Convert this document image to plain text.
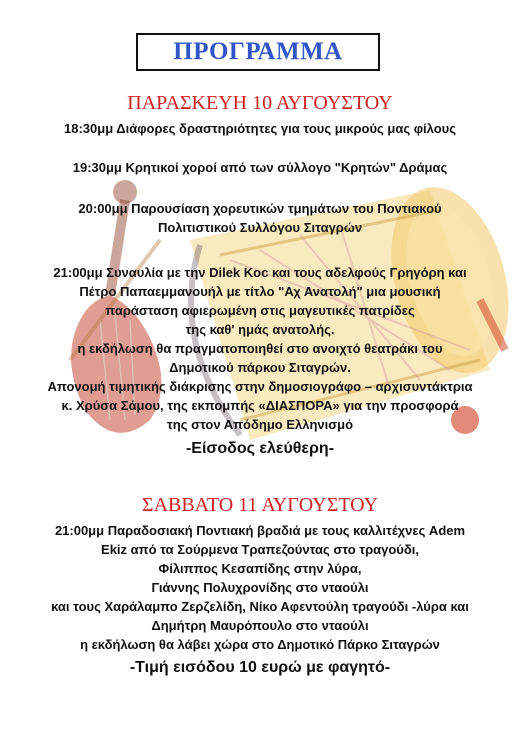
ΠΡΟΓΡΑΜΜΑ
ΠΑΡΑΣΚΕΥΗ 10 ΑΥΓΟΥΣΤΟΥ
18:30μμ Διάφορες δραστηριότητες για τους μικρούς μας φίλους
19:30μμ Κρητικοί χοροί από των σύλλογο "Κρητών" Δράμας
20:00μμ Παρουσίαση χορευτικών τμημάτων του Ποντιακού
Πολιτιστικού Συλλόγου Σιταγρών
21:00μμ Συναυλία με την Dilek Koc και τους αδελφούς Γρηγόρη και
Πέτρο Παπαεμμανουήλ με τίτλο "Αχ Ανατολή" μια μουσική
παράσταση αφιερωμένη στις μαγευτικές πατρίδες
της καθ' ημάς ανατολής.
η εκδήλωση θα πραγματοποιηθεί στο ανοιχτό θεατράκι του
Δημοτικού πάρκου Σιταγρών.
Απονομή τιμητικής διάκρισης στην δημοσιογράφο – αρχισυντάκτρια
κ. Χρύσα Σάμου, της εκπομπής «ΔΙΑΣΠΟΡΑ» για την προσφορά
της στον Απόδημο Ελληνισμό
-Είσοδος ελεύθερη-
ΣΑΒΒΑΤΟ 11 ΑΥΓΟΥΣΤΟΥ
21:00μμ Παραδοσιακή Ποντιακή βραδιά με τους καλλιτέχνες Adem
Ekiz από τα Σούρμενα Τραπεζούντας στο τραγούδι,
Φίλιππος Κεσαπίδης στην λύρα,
Γιάννης Πολυχρονίδης στο νταούλι
και τους Χαράλαμπο Ζερζελίδη, Νίκο Αφεντούλη τραγούδι -λύρα και
Δημήτρη Μαυρόπουλο στο νταούλι
η εκδήλωση θα λάβει χώρα στο Δημοτικό Πάρκο Σιταγρών
-Τιμή εισόδου 10 ευρώ με φαγητό-
